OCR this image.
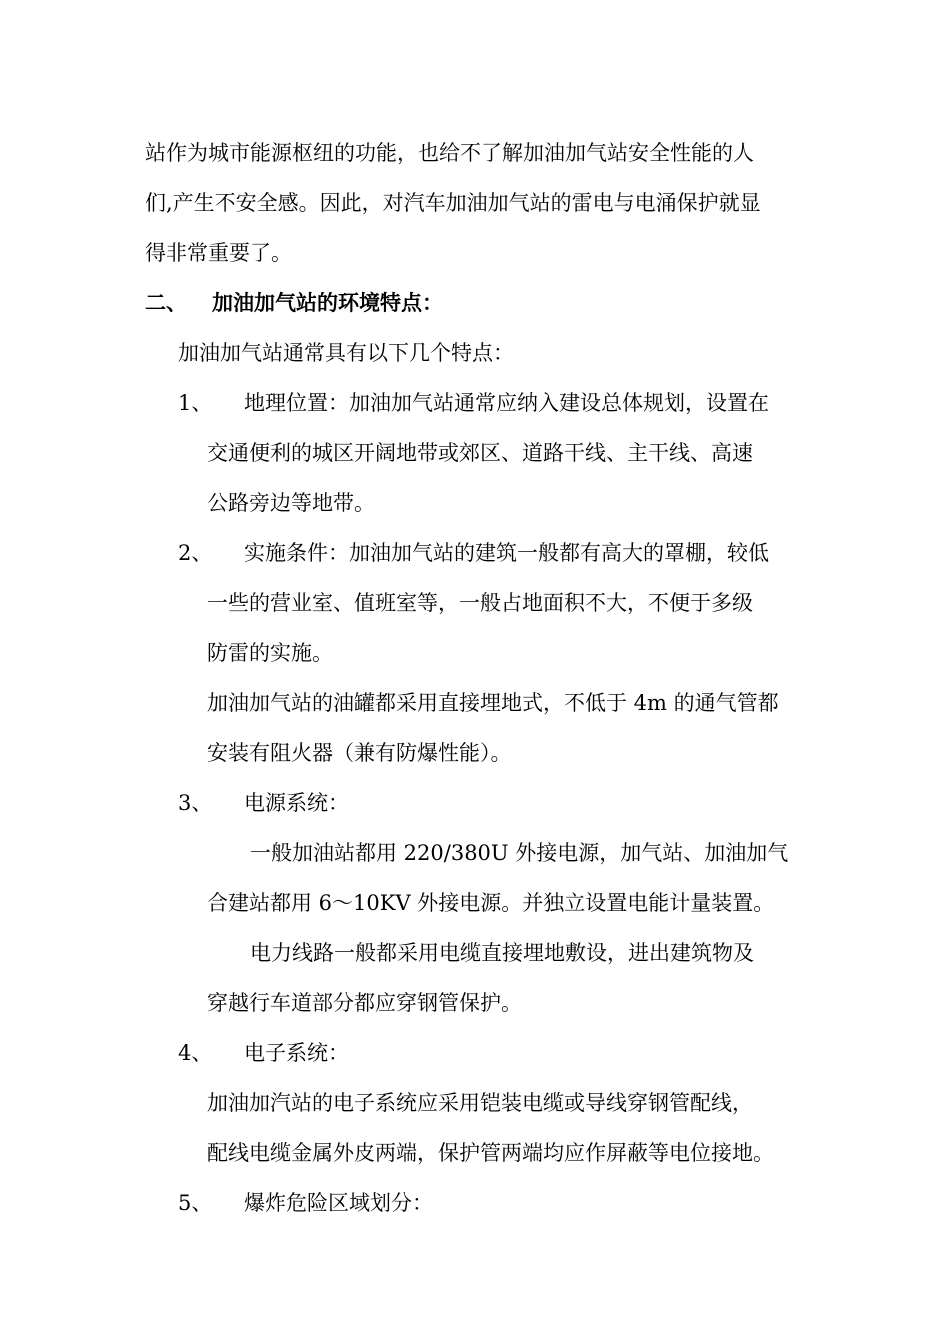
站作为城市能源枢纽的功能，也给不了解加油加气站安全性能的人

们,产生不安全感。因此，对汽车加油加气站的雷电与电涌保护就显

得非常重要了。

二、 加油加气站的环境特点：

加油加气站通常具有以下几个特点：

1、 地理位置：加油加气站通常应纳入建设总体规划，设置在

交通便利的城区开阔地带或郊区、道路干线、主干线、高速

公路旁边等地带。

2、 实施条件：加油加气站的建筑一般都有高大的罩棚，较低

一些的营业室、值班室等，一般占地面积不大，不便于多级

防雷的实施。

加油加气站的油罐都采用直接埋地式，不低于 4m 的通气管都

安装有阻火器（兼有防爆性能）。

3、 电源系统：

一般加油站都用 220/380U 外接电源，加气站、加油加气

合建站都用 6～10KV 外接电源。并独立设置电能计量装置。

电力线路一般都采用电缆直接埋地敷设，进出建筑物及

穿越行车道部分都应穿钢管保护。

4、 电子系统：

加油加汽站的电子系统应采用铠装电缆或导线穿钢管配线，

配线电缆金属外皮两端，保护管两端均应作屏蔽等电位接地。

5、 爆炸危险区域划分：
